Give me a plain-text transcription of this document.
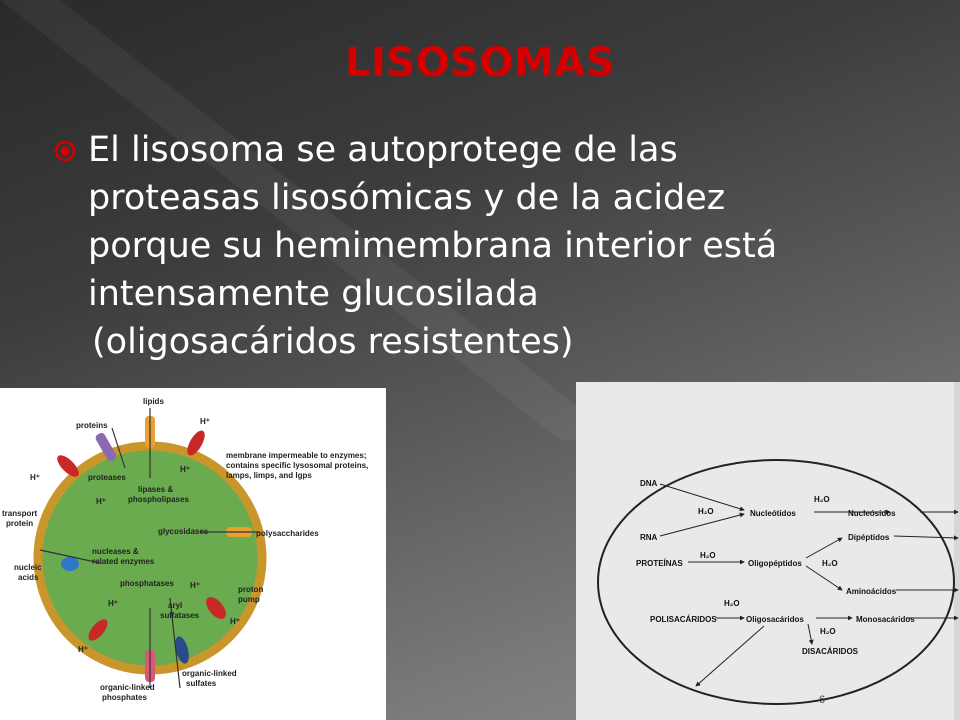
LISOSOMAS
El lisosoma se autoprotege de las
proteasas lisosómicas y de la acidez
porque su hemimembrana interior está
intensamente glucosilada
(oligosacáridos resistentes)
lipids
proteins
membrane impermeable to enzymes;
contains specific lysosomal proteins,
lamps, limps, and lgps
transport
protein
polysaccharides
nucleic
acids
proton
pump
organic-linked
phosphates
organic-linked
sulfates
H⁺
H⁺
H⁺
H⁺
H⁺
H⁺
H⁺
H⁺
proteases
lipases &
phospholipases
glycosidases
nucleases &
related enzymes
phosphatases
aryl
sulfatases
DNA
RNA
PROTEÍNAS
POLISACÁRIDOS
Nucleótidos	Nucleósidos
Oligopéptidos
Dipéptidos
Aminoácidos
Oligosacáridos	Monosacáridos
DISACÁRIDOS
H₂O
H₂O
H₂O
H₂O
H₂O
H₂O
6
